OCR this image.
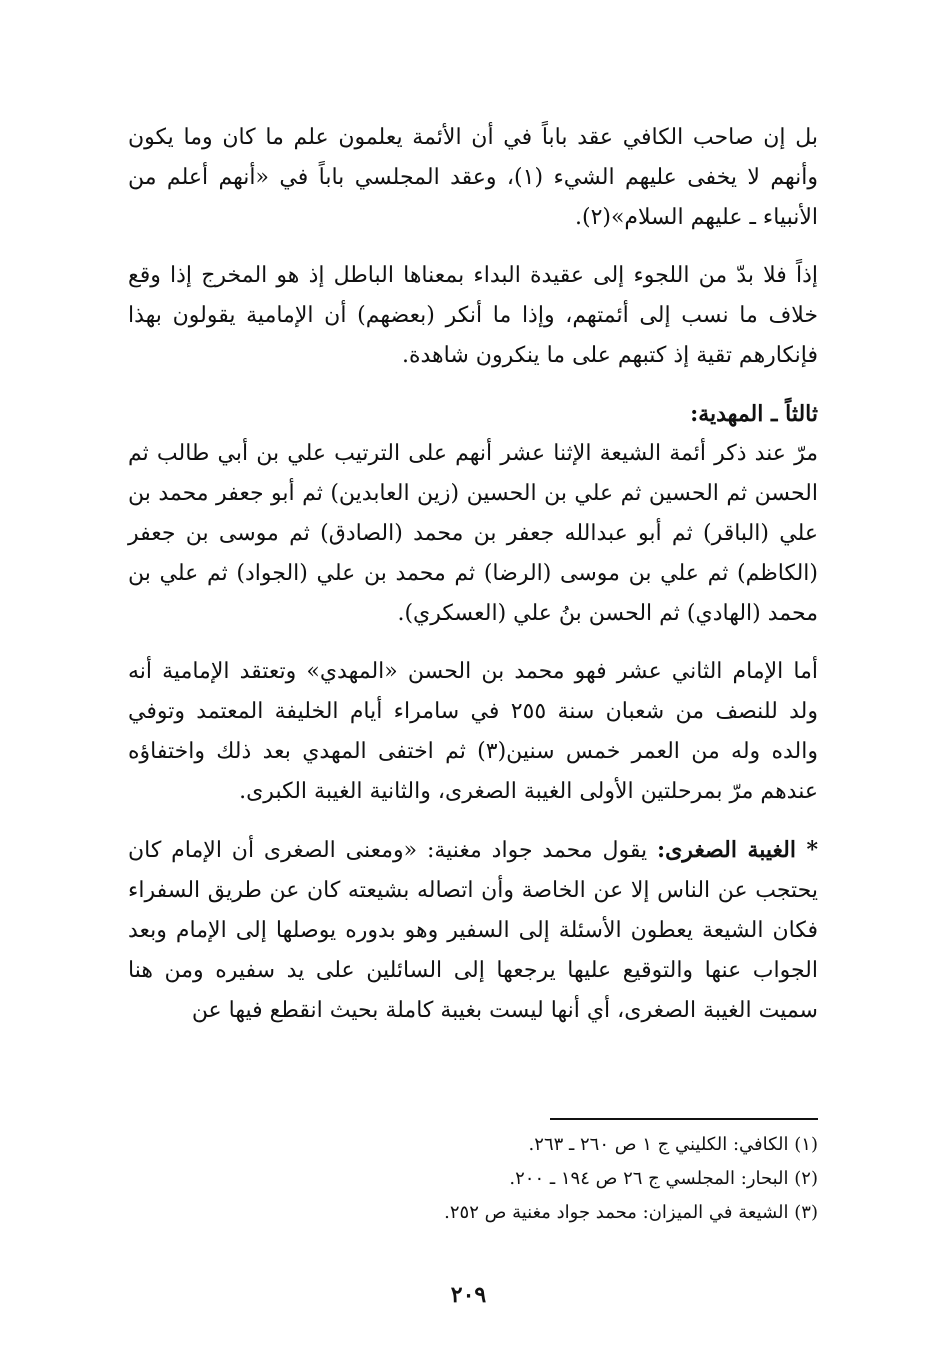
بل إن صاحب الكافي عقد باباً في أن الأئمة يعلمون علم ما كان وما يكون وأنهم لا يخفى عليهم الشيء (١)، وعقد المجلسي باباً في «أنهم أعلم من الأنبياء ـ عليهم السلام»(٢).

إذاً فلا بدّ من اللجوء إلى عقيدة البداء بمعناها الباطل إذ هو المخرج إذا وقع خلاف ما نسب إلى أئمتهم، وإذا ما أنكر (بعضهم) أن الإمامية يقولون بهذا فإنكارهم تقية إذ كتبهم على ما ينكرون شاهدة.

ثالثاً ـ المهدية:

مرّ عند ذكر أئمة الشيعة الإثنا عشر أنهم على الترتيب علي بن أبي طالب ثم الحسن ثم الحسين ثم علي بن الحسين (زين العابدين) ثم أبو جعفر محمد بن علي (الباقر) ثم أبو عبدالله جعفر بن محمد (الصادق) ثم موسى بن جعفر (الكاظم) ثم علي بن موسى (الرضا) ثم محمد بن علي (الجواد) ثم علي بن محمد (الهادي) ثم الحسن بنُ علي (العسكري).

أما الإمام الثاني عشر فهو محمد بن الحسن «المهدي» وتعتقد الإمامية أنه ولد للنصف من شعبان سنة ٢٥٥ في سامراء أيام الخليفة المعتمد وتوفي والده وله من العمر خمس سنين(٣) ثم اختفى المهدي بعد ذلك واختفاؤه عندهم مرّ بمرحلتين الأولى الغيبة الصغرى، والثانية الغيبة الكبرى.

* الغيبة الصغرى: يقول محمد جواد مغنية: «ومعنى الصغرى أن الإمام كان يحتجب عن الناس إلا عن الخاصة وأن اتصاله بشيعته كان عن طريق السفراء فكان الشيعة يعطون الأسئلة إلى السفير وهو بدوره يوصلها إلى الإمام وبعد الجواب عنها والتوقيع عليها يرجعها إلى السائلين على يد سفيره ومن هنا سميت الغيبة الصغرى، أي أنها ليست بغيبة كاملة بحيث انقطع فيها عن

(١) الكافي: الكليني ج ١ ص ٢٦٠ ـ ٢٦٣.

(٢) البحار: المجلسي ج ٢٦ ص ١٩٤ ـ ٢٠٠.

(٣) الشيعة في الميزان: محمد جواد مغنية ص ٢٥٢.

٢٠٩
